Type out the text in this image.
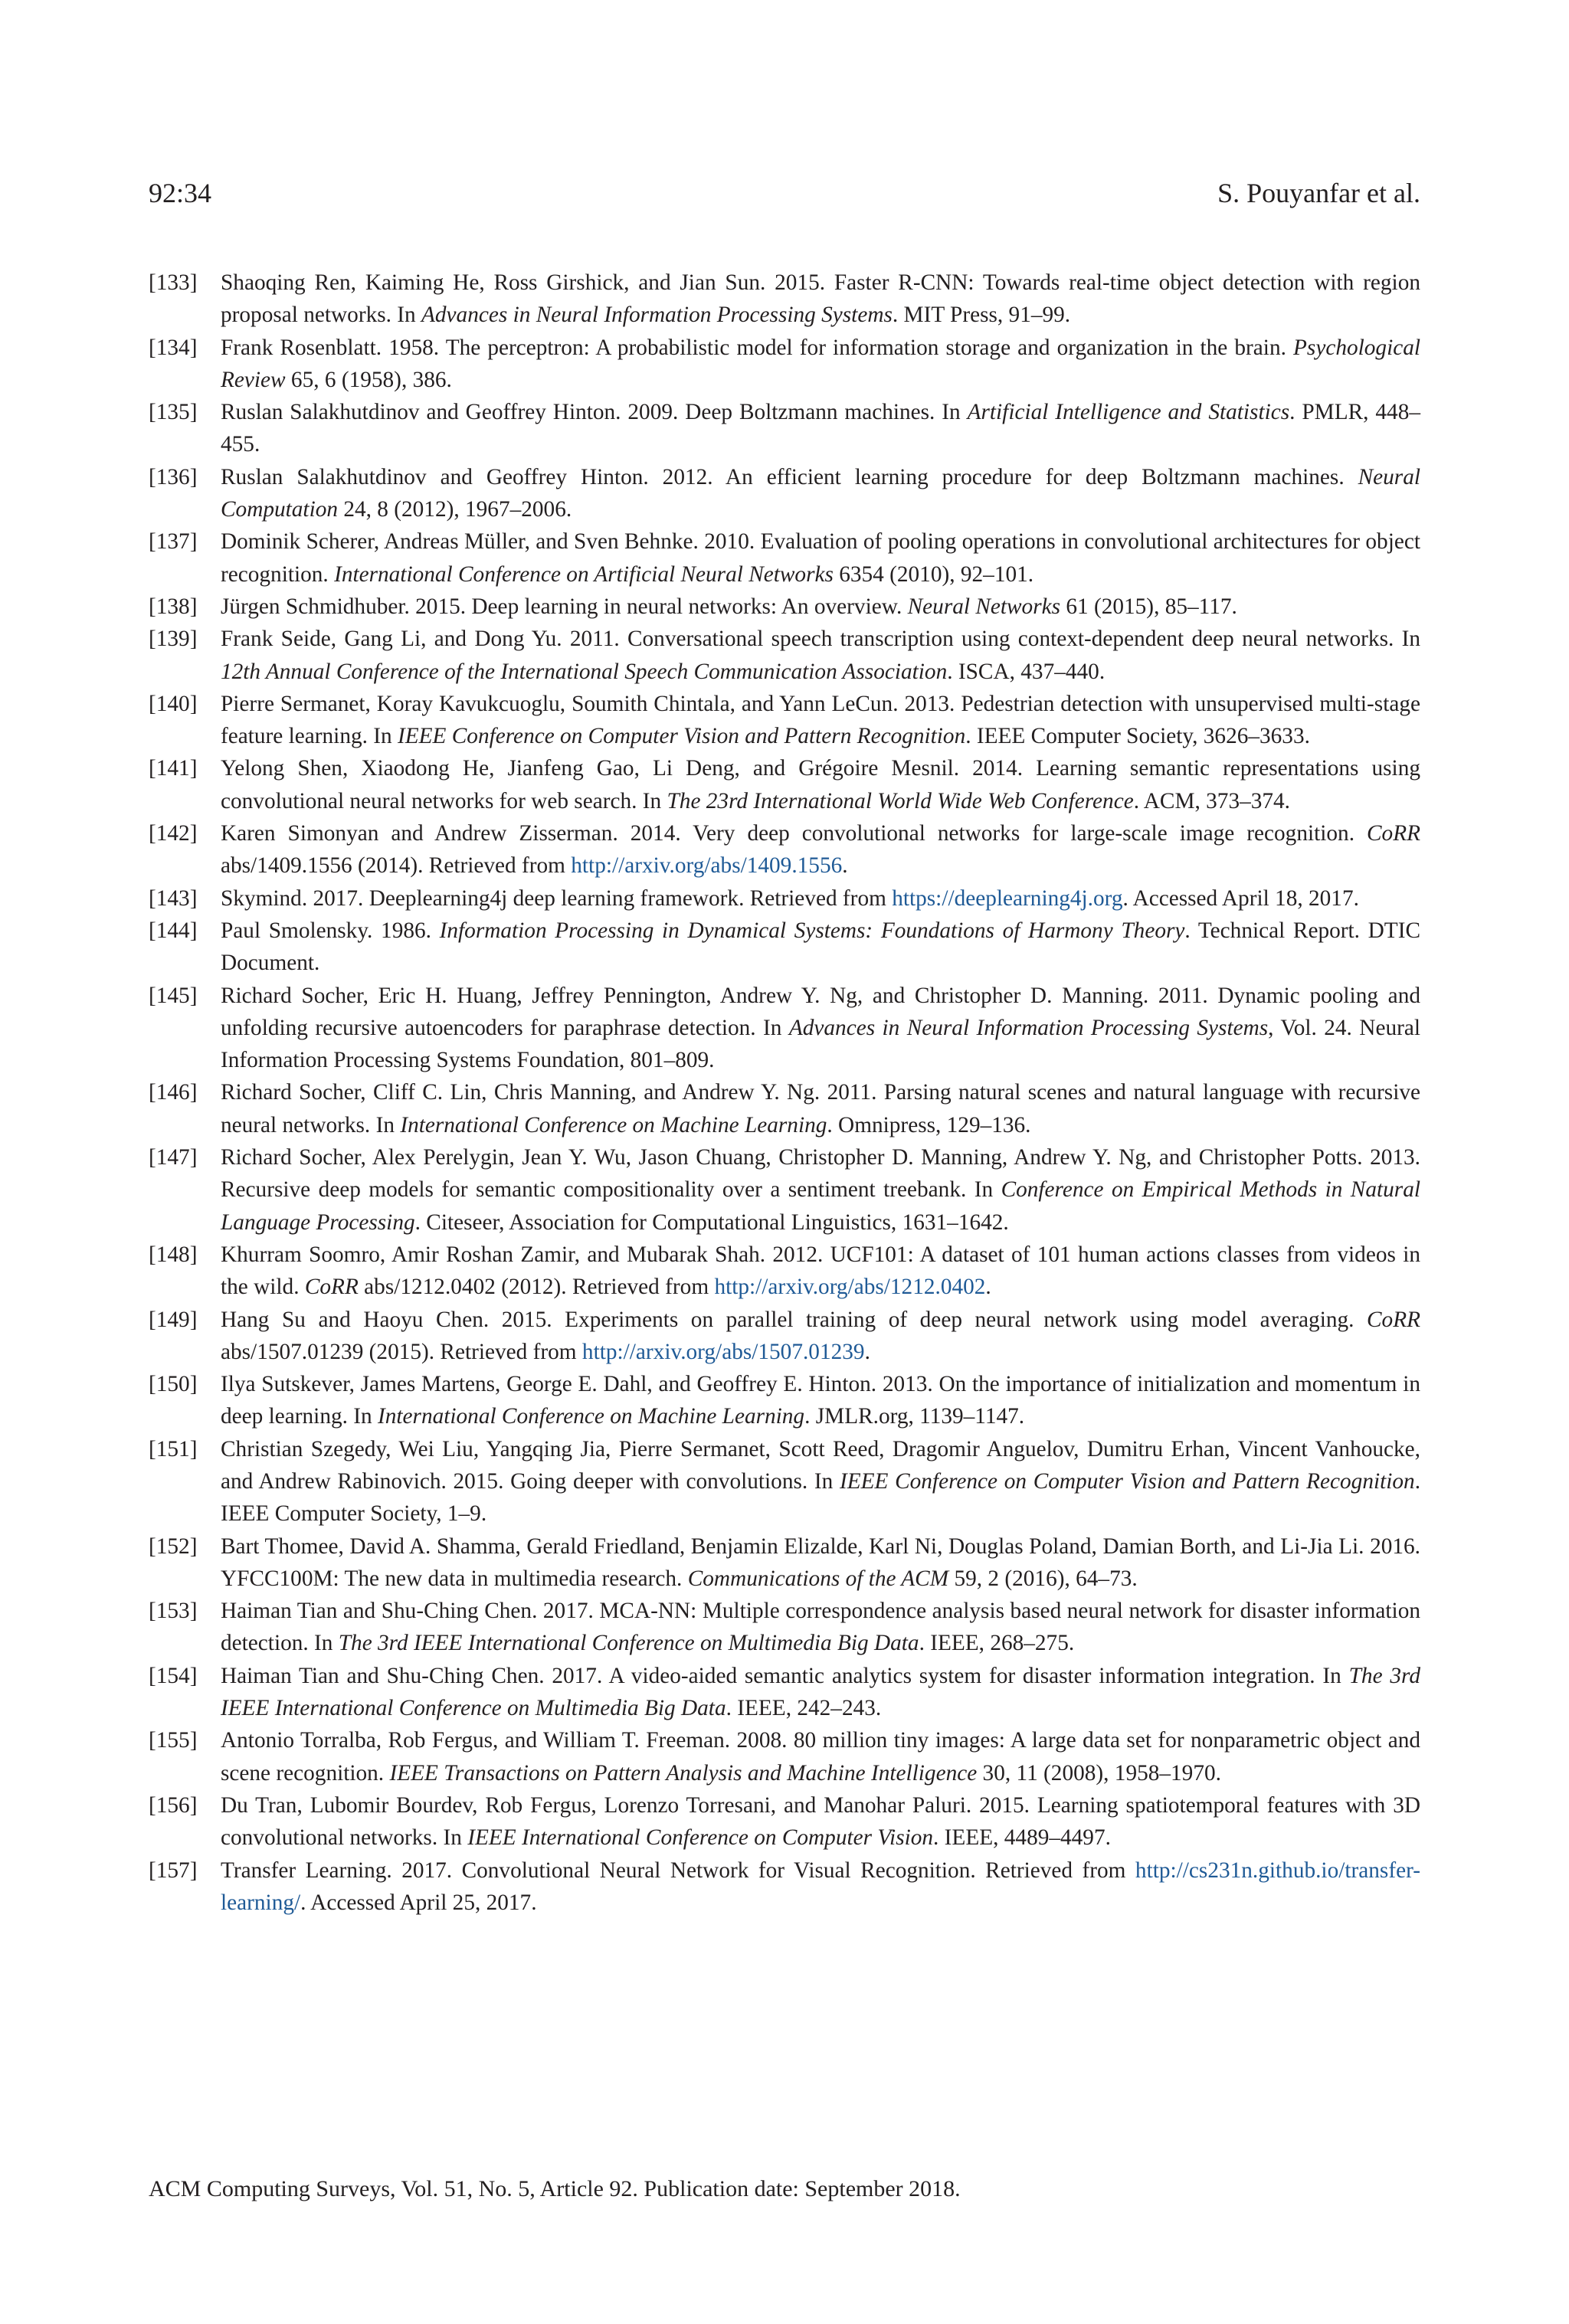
92:34	S. Pouyanfar et al.
[133] Shaoqing Ren, Kaiming He, Ross Girshick, and Jian Sun. 2015. Faster R-CNN: Towards real-time object detection with region proposal networks. In Advances in Neural Information Processing Systems. MIT Press, 91–99.
[134] Frank Rosenblatt. 1958. The perceptron: A probabilistic model for information storage and organization in the brain. Psychological Review 65, 6 (1958), 386.
[135] Ruslan Salakhutdinov and Geoffrey Hinton. 2009. Deep Boltzmann machines. In Artificial Intelligence and Statistics. PMLR, 448–455.
[136] Ruslan Salakhutdinov and Geoffrey Hinton. 2012. An efficient learning procedure for deep Boltzmann machines. Neural Computation 24, 8 (2012), 1967–2006.
[137] Dominik Scherer, Andreas Müller, and Sven Behnke. 2010. Evaluation of pooling operations in convolutional architectures for object recognition. International Conference on Artificial Neural Networks 6354 (2010), 92–101.
[138] Jürgen Schmidhuber. 2015. Deep learning in neural networks: An overview. Neural Networks 61 (2015), 85–117.
[139] Frank Seide, Gang Li, and Dong Yu. 2011. Conversational speech transcription using context-dependent deep neural networks. In 12th Annual Conference of the International Speech Communication Association. ISCA, 437–440.
[140] Pierre Sermanet, Koray Kavukcuoglu, Soumith Chintala, and Yann LeCun. 2013. Pedestrian detection with unsupervised multi-stage feature learning. In IEEE Conference on Computer Vision and Pattern Recognition. IEEE Computer Society, 3626–3633.
[141] Yelong Shen, Xiaodong He, Jianfeng Gao, Li Deng, and Grégoire Mesnil. 2014. Learning semantic representations using convolutional neural networks for web search. In The 23rd International World Wide Web Conference. ACM, 373–374.
[142] Karen Simonyan and Andrew Zisserman. 2014. Very deep convolutional networks for large-scale image recognition. CoRR abs/1409.1556 (2014). Retrieved from http://arxiv.org/abs/1409.1556.
[143] Skymind. 2017. Deeplearning4j deep learning framework. Retrieved from https://deeplearning4j.org. Accessed April 18, 2017.
[144] Paul Smolensky. 1986. Information Processing in Dynamical Systems: Foundations of Harmony Theory. Technical Report. DTIC Document.
[145] Richard Socher, Eric H. Huang, Jeffrey Pennington, Andrew Y. Ng, and Christopher D. Manning. 2011. Dynamic pooling and unfolding recursive autoencoders for paraphrase detection. In Advances in Neural Information Processing Systems, Vol. 24. Neural Information Processing Systems Foundation, 801–809.
[146] Richard Socher, Cliff C. Lin, Chris Manning, and Andrew Y. Ng. 2011. Parsing natural scenes and natural language with recursive neural networks. In International Conference on Machine Learning. Omnipress, 129–136.
[147] Richard Socher, Alex Perelygin, Jean Y. Wu, Jason Chuang, Christopher D. Manning, Andrew Y. Ng, and Christopher Potts. 2013. Recursive deep models for semantic compositionality over a sentiment treebank. In Conference on Empirical Methods in Natural Language Processing. Citeseer, Association for Computational Linguistics, 1631–1642.
[148] Khurram Soomro, Amir Roshan Zamir, and Mubarak Shah. 2012. UCF101: A dataset of 101 human actions classes from videos in the wild. CoRR abs/1212.0402 (2012). Retrieved from http://arxiv.org/abs/1212.0402.
[149] Hang Su and Haoyu Chen. 2015. Experiments on parallel training of deep neural network using model averaging. CoRR abs/1507.01239 (2015). Retrieved from http://arxiv.org/abs/1507.01239.
[150] Ilya Sutskever, James Martens, George E. Dahl, and Geoffrey E. Hinton. 2013. On the importance of initialization and momentum in deep learning. In International Conference on Machine Learning. JMLR.org, 1139–1147.
[151] Christian Szegedy, Wei Liu, Yangqing Jia, Pierre Sermanet, Scott Reed, Dragomir Anguelov, Dumitru Erhan, Vincent Vanhoucke, and Andrew Rabinovich. 2015. Going deeper with convolutions. In IEEE Conference on Computer Vision and Pattern Recognition. IEEE Computer Society, 1–9.
[152] Bart Thomee, David A. Shamma, Gerald Friedland, Benjamin Elizalde, Karl Ni, Douglas Poland, Damian Borth, and Li-Jia Li. 2016. YFCC100M: The new data in multimedia research. Communications of the ACM 59, 2 (2016), 64–73.
[153] Haiman Tian and Shu-Ching Chen. 2017. MCA-NN: Multiple correspondence analysis based neural network for disaster information detection. In The 3rd IEEE International Conference on Multimedia Big Data. IEEE, 268–275.
[154] Haiman Tian and Shu-Ching Chen. 2017. A video-aided semantic analytics system for disaster information integration. In The 3rd IEEE International Conference on Multimedia Big Data. IEEE, 242–243.
[155] Antonio Torralba, Rob Fergus, and William T. Freeman. 2008. 80 million tiny images: A large data set for nonparametric object and scene recognition. IEEE Transactions on Pattern Analysis and Machine Intelligence 30, 11 (2008), 1958–1970.
[156] Du Tran, Lubomir Bourdev, Rob Fergus, Lorenzo Torresani, and Manohar Paluri. 2015. Learning spatiotemporal features with 3D convolutional networks. In IEEE International Conference on Computer Vision. IEEE, 4489–4497.
[157] Transfer Learning. 2017. Convolutional Neural Network for Visual Recognition. Retrieved from http://cs231n.github.io/transfer-learning/. Accessed April 25, 2017.
ACM Computing Surveys, Vol. 51, No. 5, Article 92. Publication date: September 2018.
